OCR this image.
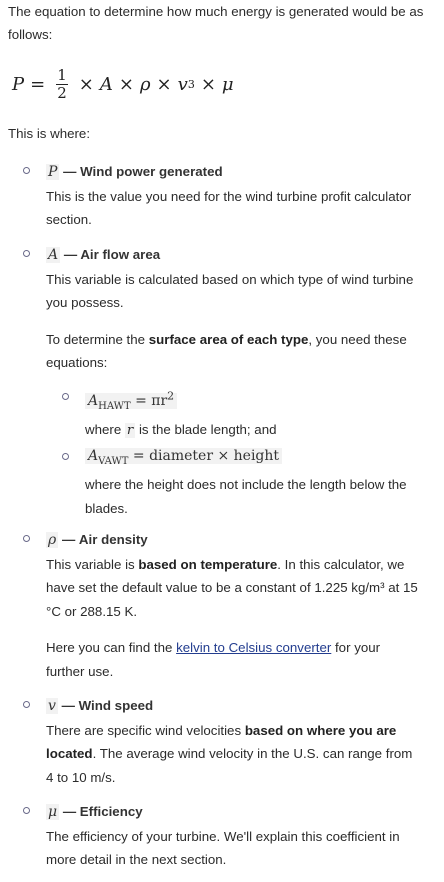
The equation to determine how much energy is generated would be as follows:

$P = \frac{1}{2} \times A \times \rho \times v$ 3 × μ

This is where:

P — Wind power generated

This is the value you need for the wind turbine profit calculator section.

A — Air flow area

This variable is calculated based on which type of wind turbine you possess.

To determine the surface area of each type, you need these equations:

$A_{HAWT} = \pi r^2$

where r is the blade length; and

$A_{VAWT}$ = diameter × height

where the height does not include the length below the blades.

ρ — Air density

This variable is based on temperature. In this calculator, we have set the default value to be a constant of 1.225 kg/m³ at 15 °C or 288.15 K.

Here you can find the kelvin to Celsius converter for your further use.

v — Wind speed

There are specific wind velocities based on where you are located. The average wind velocity in the U.S. can range from 4 to 10 m/s.

μ — Efficiency

The efficiency of your turbine. We'll explain this coefficient in more detail in the next section.
